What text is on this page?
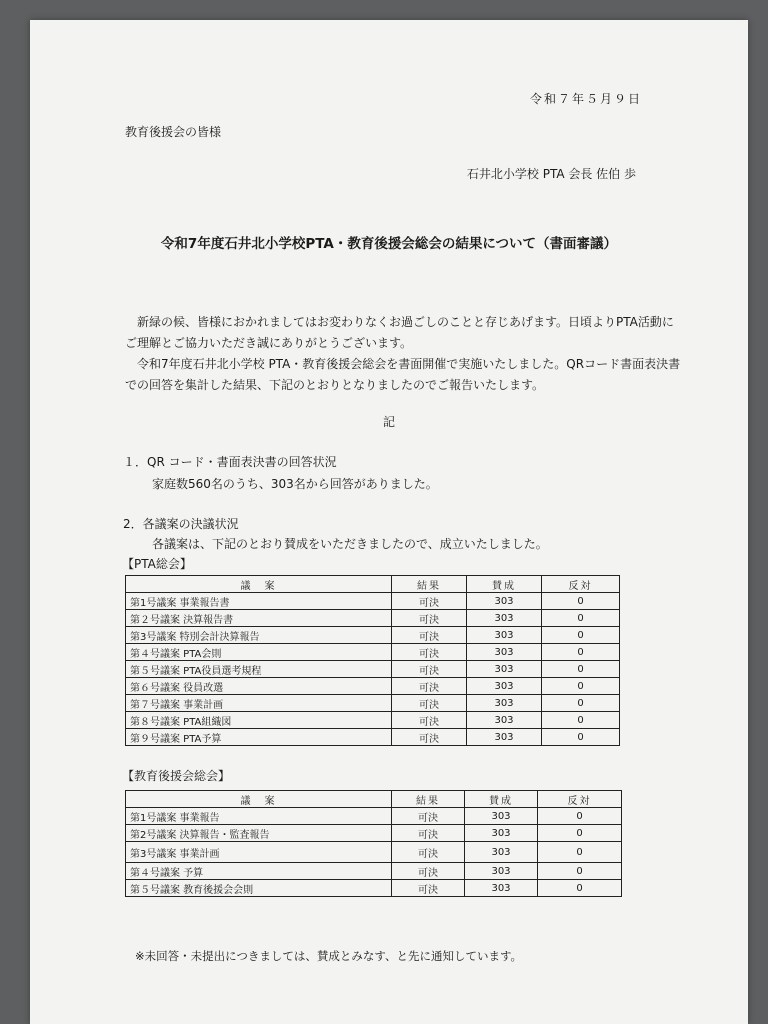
令和７年５月９日
教育後援会の皆様
石井北小学校 PTA 会長 佐伯 歩
令和7年度石井北小学校PTA・教育後援会総会の結果について（書面審議）

　新緑の候、皆様におかれましてはお変わりなくお過ごしのことと存じあげます。日頃よりPTA活動にご理解とご協力いただき誠にありがとうございます。

　令和7年度石井北小学校 PTA・教育後援会総会を書面開催で実施いたしました。QRコード書面表決書での回答を集計した結果、下記のとおりとなりましたのでご報告いたします。

記
１．QR コード・書面表決書の回答状況
家庭数560名のうち、303名から回答がありました。
2．各議案の決議状況
各議案は、下記のとおり賛成をいただきましたので、成立いたしました。
【PTA総会】
議　案	結果	賛成	反対
第1号議案 事業報告書	可決	303	0
第２号議案 決算報告書	可決	303	0
第3号議案 特別会計決算報告	可決	303	0
第４号議案 PTA会則	可決	303	0
第５号議案 PTA役員選考規程	可決	303	0
第６号議案 役員改選	可決	303	0
第７号議案 事業計画	可決	303	0
第８号議案 PTA組織図	可決	303	0
第９号議案 PTA予算	可決	303	0
【教育後援会総会】
議　案	結果	賛成	反対
第1号議案 事業報告	可決	303	0
第2号議案 決算報告・監査報告	可決	303	0
第3号議案 事業計画	可決	303	0
第４号議案 予算	可決	303	0
第５号議案 教育後援会会則	可決	303	0
※未回答・未提出につきましては、賛成とみなす、と先に通知しています。
